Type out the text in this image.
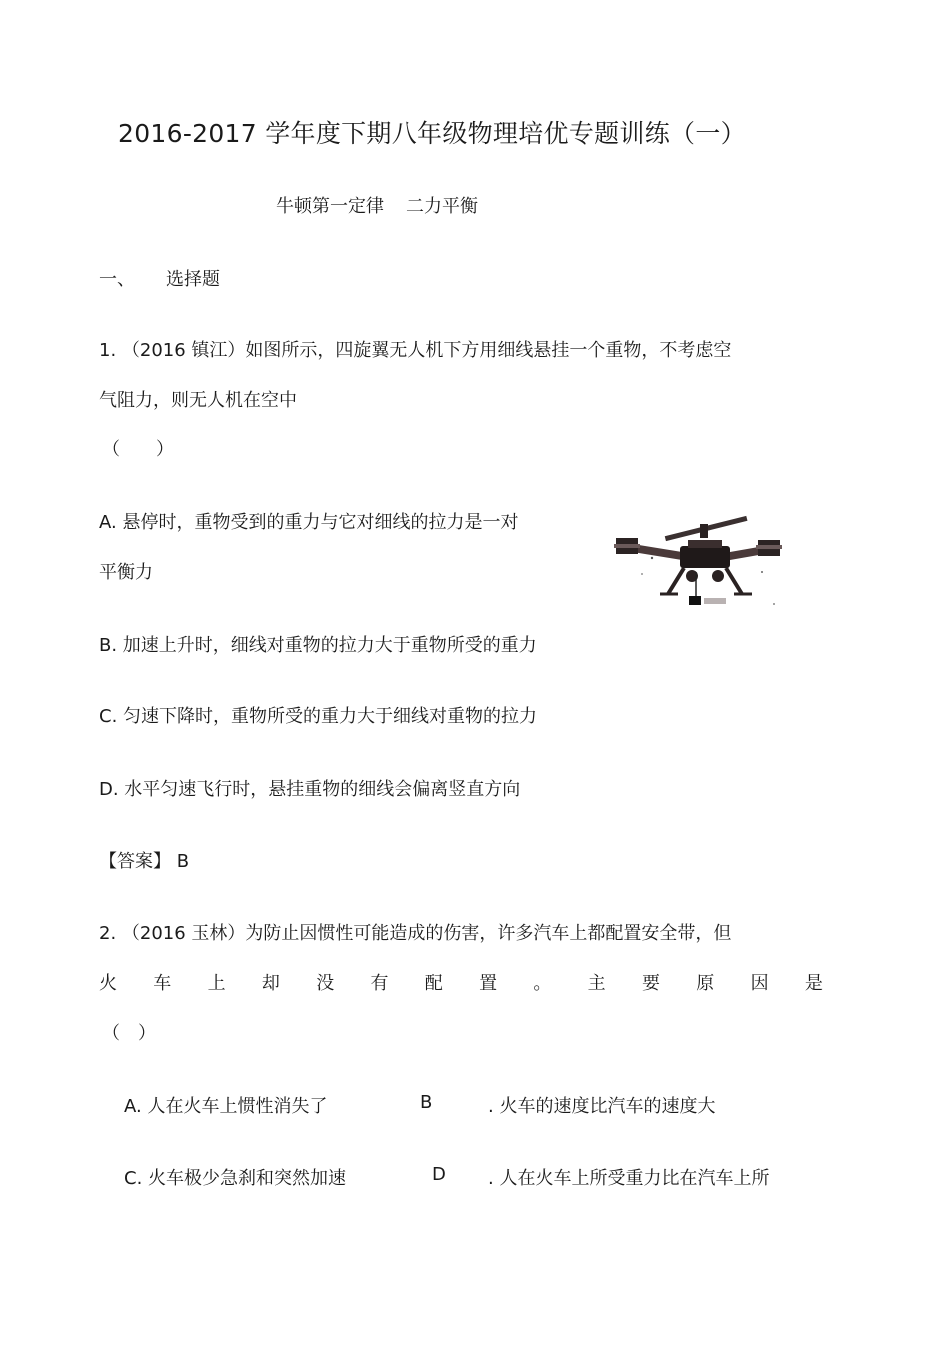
2016-2017 学年度下期八年级物理培优专题训练（一）
牛顿第一定律 二力平衡
一、 选择题
1. （2016 镇江）如图所示，四旋翼无人机下方用细线悬挂一个重物，不考虑空
气阻力，则无人机在空中
（　　）
A. 悬停时，重物受到的重力与它对细线的拉力是一对
平衡力
B. 加速上升时，细线对重物的拉力大于重物所受的重力
C. 匀速下降时，重物所受的重力大于细线对重物的拉力
D. 水平匀速飞行时，悬挂重物的细线会偏离竖直方向
【答案】 B
2. （2016 玉林）为防止因惯性可能造成的伤害，许多汽车上都配置安全带，但
火 车 上 却 没 有 配 置 。 主 要 原 因 是
（　）
A. 人在火车上惯性消失了	B	. 火车的速度比汽车的速度大
C. 火车极少急刹和突然加速	D . 人在火车上所受重力比在汽车上所
